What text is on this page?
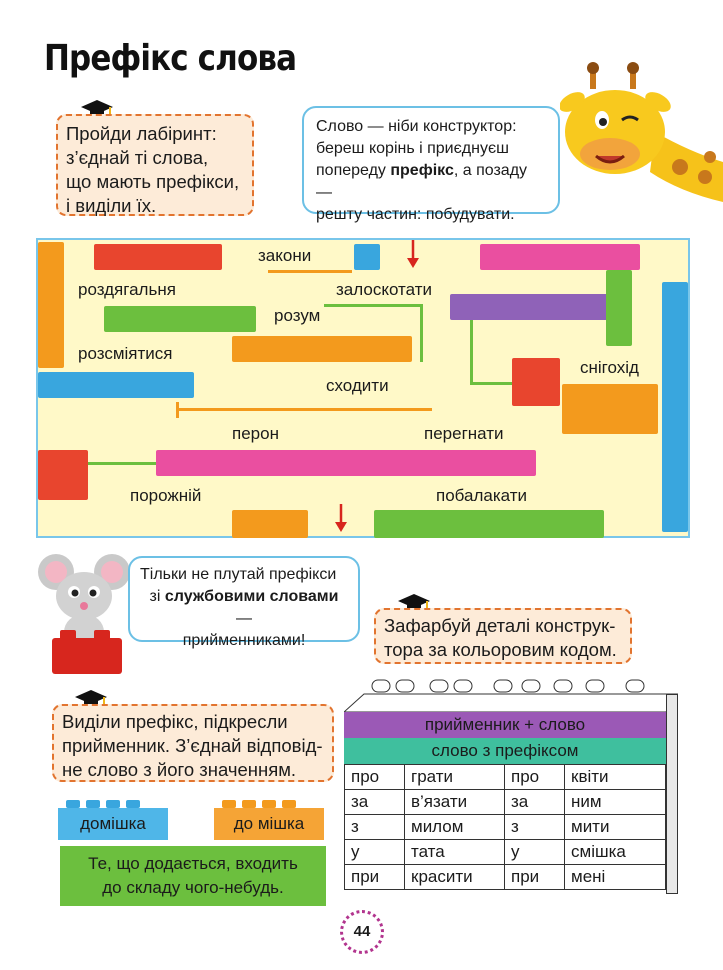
Префікс слова
Пройди лабіринт:
з’єднай ті слова,
що мають префікси,
і виділи їх.
Слово — ніби конструктор:
береш корінь і приєднуєш
попереду префікс, а позаду —
решту частин: побудувати.
закони
роздягальня	залоскотати
розум
розсміятися
снігохід
сходити
перон	перегнати
порожній	побалакати
Тільки не плутай префікси
зі службовими словами —
прийменниками!
Зафарбуй деталі конструк-
тора за кольоровим кодом.
Виділи префікс, підкресли
прийменник. З’єднай відповід-
не слово з його значенням.
прийменник + слово
слово з префіксом
про	грати	про	квіти
за	в’язати	за	ним
з	милом	з	мити
у	тата	у	смішка
при	красити	при	мені
домішка	до мішка
Те, що додається, входить
до складу чого-небудь.
44
